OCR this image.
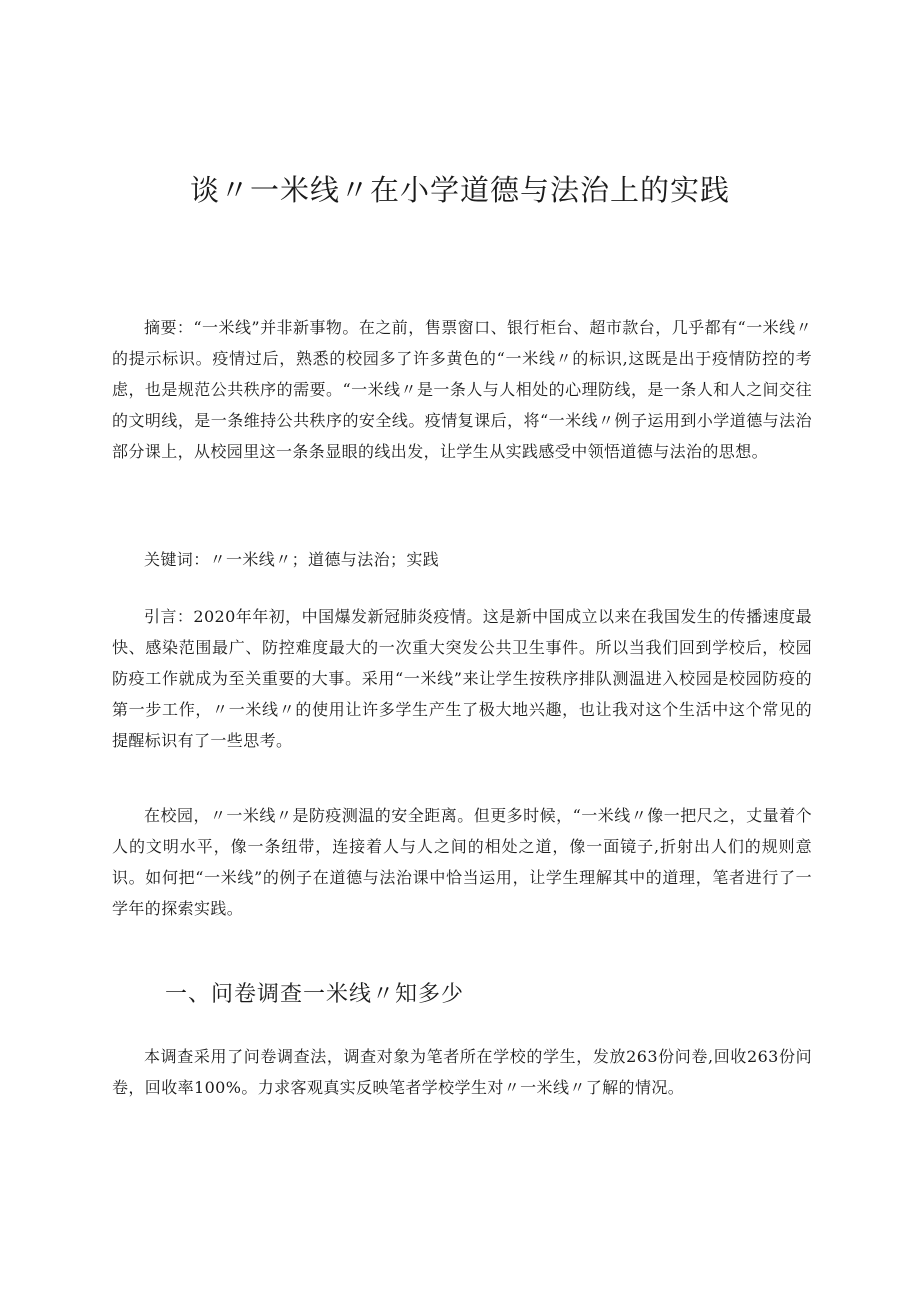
谈〃一米线〃在小学道德与法治上的实践

摘要：“一米线”并非新事物。在之前，售票窗口、银行柜台、超市款台，几乎都有“一米线〃的提示标识。疫情过后，熟悉的校园多了许多黄色的“一米线〃的标识,这既是出于疫情防控的考虑，也是规范公共秩序的需要。“一米线〃是一条人与人相处的心理防线，是一条人和人之间交往的文明线，是一条维持公共秩序的安全线。疫情复课后，将“一米线〃例子运用到小学道德与法治部分课上，从校园里这一条条显眼的线出发，让学生从实践感受中领悟道德与法治的思想。

关键词：〃一米线〃；道德与法治；实践

引言：2020年年初，中国爆发新冠肺炎疫情。这是新中国成立以来在我国发生的传播速度最快、感染范围最广、防控难度最大的一次重大突发公共卫生事件。所以当我们回到学校后，校园防疫工作就成为至关重要的大事。采用“一米线”来让学生按秩序排队测温进入校园是校园防疫的第一步工作，〃一米线〃的使用让许多学生产生了极大地兴趣，也让我对这个生活中这个常见的提醒标识有了一些思考。

在校园，〃一米线〃是防疫测温的安全距离。但更多时候，“一米线〃像一把尺之，丈量着个人的文明水平，像一条纽带，连接着人与人之间的相处之道，像一面镜子,折射出人们的规则意识。如何把“一米线”的例子在道德与法治课中恰当运用，让学生理解其中的道理，笔者进行了一学年的探索实践。

一、问卷调查一米线〃知多少

本调查采用了问卷调查法，调查对象为笔者所在学校的学生，发放263份问卷,回收263份问卷，回收率100%。力求客观真实反映笔者学校学生对〃一米线〃了解的情况。
